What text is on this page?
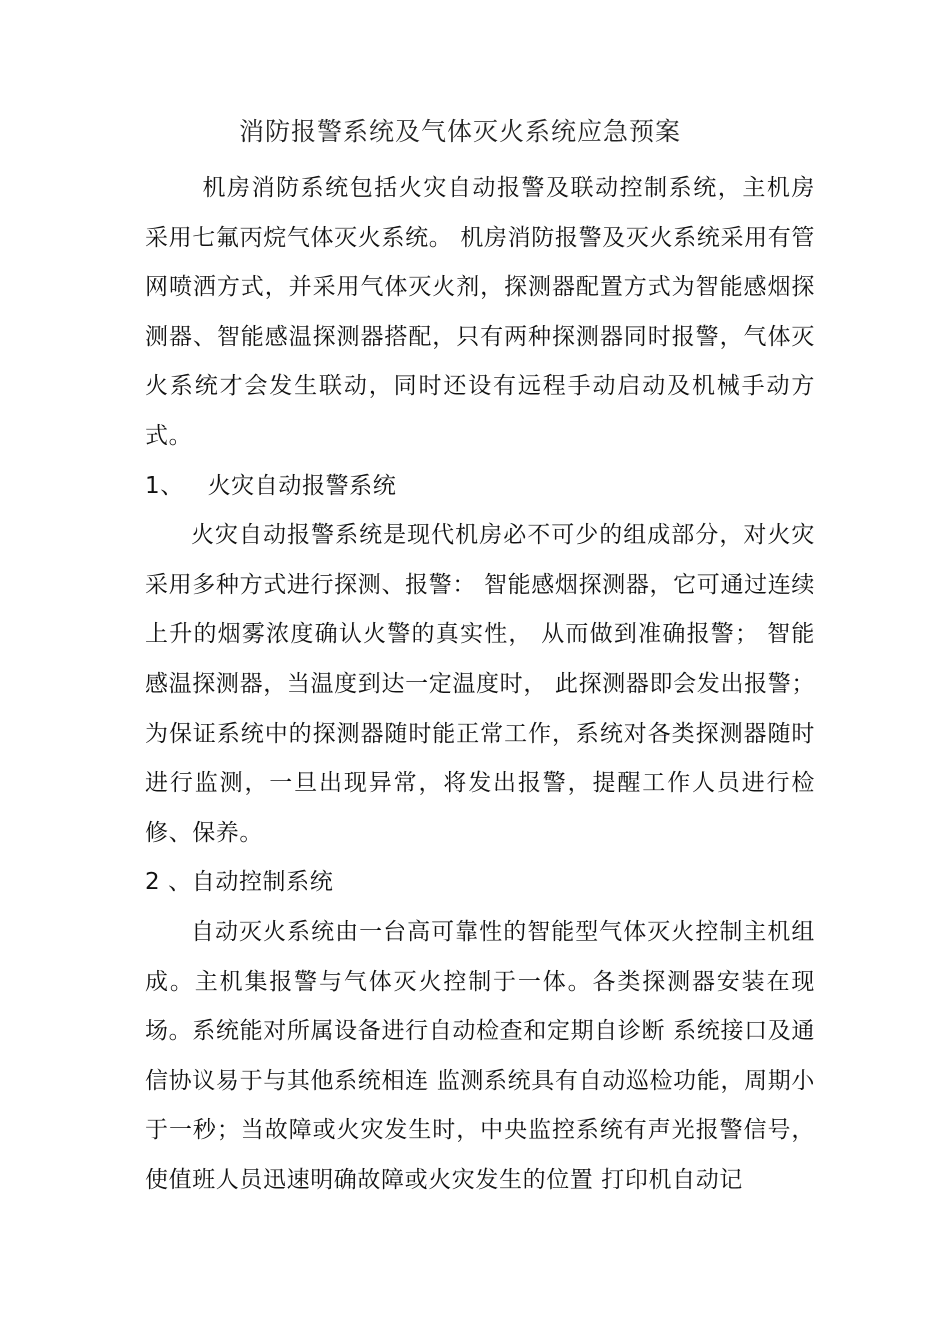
消防报警系统及气体灭火系统应急预案

机房消防系统包括火灾自动报警及联动控制系统，主机房采用七氟丙烷气体灭火系统。 机房消防报警及灭火系统采用有管网喷洒方式，并采用气体灭火剂，探测器配置方式为智能感烟探测器、智能感温探测器搭配，只有两种探测器同时报警，气体灭火系统才会发生联动，同时还设有远程手动启动及机械手动方式。

1、   火灾自动报警系统

火灾自动报警系统是现代机房必不可少的组成部分，对火灾采用多种方式进行探测、报警： 智能感烟探测器，它可通过连续上升的烟雾浓度确认火警的真实性， 从而做到准确报警； 智能感温探测器，当温度到达一定温度时， 此探测器即会发出报警； 为保证系统中的探测器随时能正常工作，系统对各类探测器随时进行监测，一旦出现异常，将发出报警，提醒工作人员进行检修、保养。

2 、自动控制系统

自动灭火系统由一台高可靠性的智能型气体灭火控制主机组成。主机集报警与气体灭火控制于一体。各类探测器安装在现场。系统能对所属设备进行自动检查和定期自诊断 系统接口及通信协议易于与其他系统相连 监测系统具有自动巡检功能，周期小于一秒；当故障或火灾发生时，中央监控系统有声光报警信号，使值班人员迅速明确故障或火灾发生的位置 打印机自动记
